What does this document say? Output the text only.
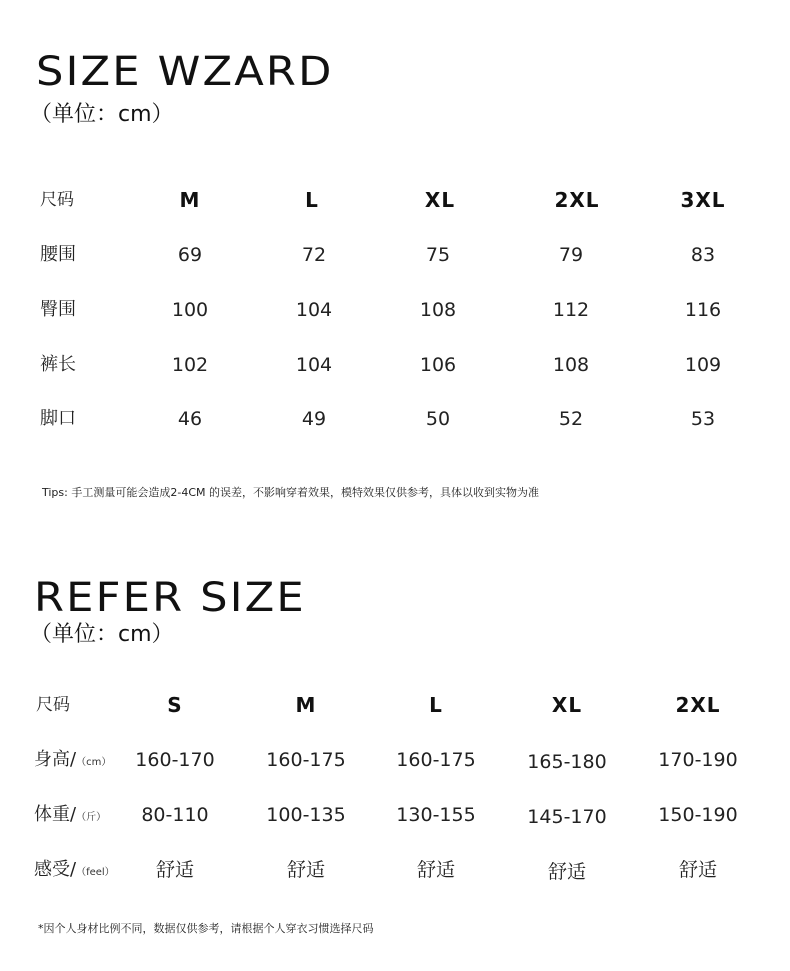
SIZE WZARD
（单位：cm）
尺码	M	L	XL	2XL	3XL
腰围	69	72	75	79	83
臀围	100	104	108	112	116
裤长	102	104	106	108	109
脚口	46	49	50	52	53
Tips: 手工测量可能会造成2-4CM 的误差，不影响穿着效果，模特效果仅供参考，具体以收到实物为准
REFER SIZE
（单位：cm）
尺码	S	M	L	XL	2XL
身高/（cm） 160-170	160-175	160-175	165-180	170-190
体重/（斤） 80-110	100-135	130-155	145-170	150-190
感受/（feel） 舒适	舒适	舒适	舒适	舒适
*因个人身材比例不同，数据仅供参考，请根据个人穿衣习惯选择尺码
